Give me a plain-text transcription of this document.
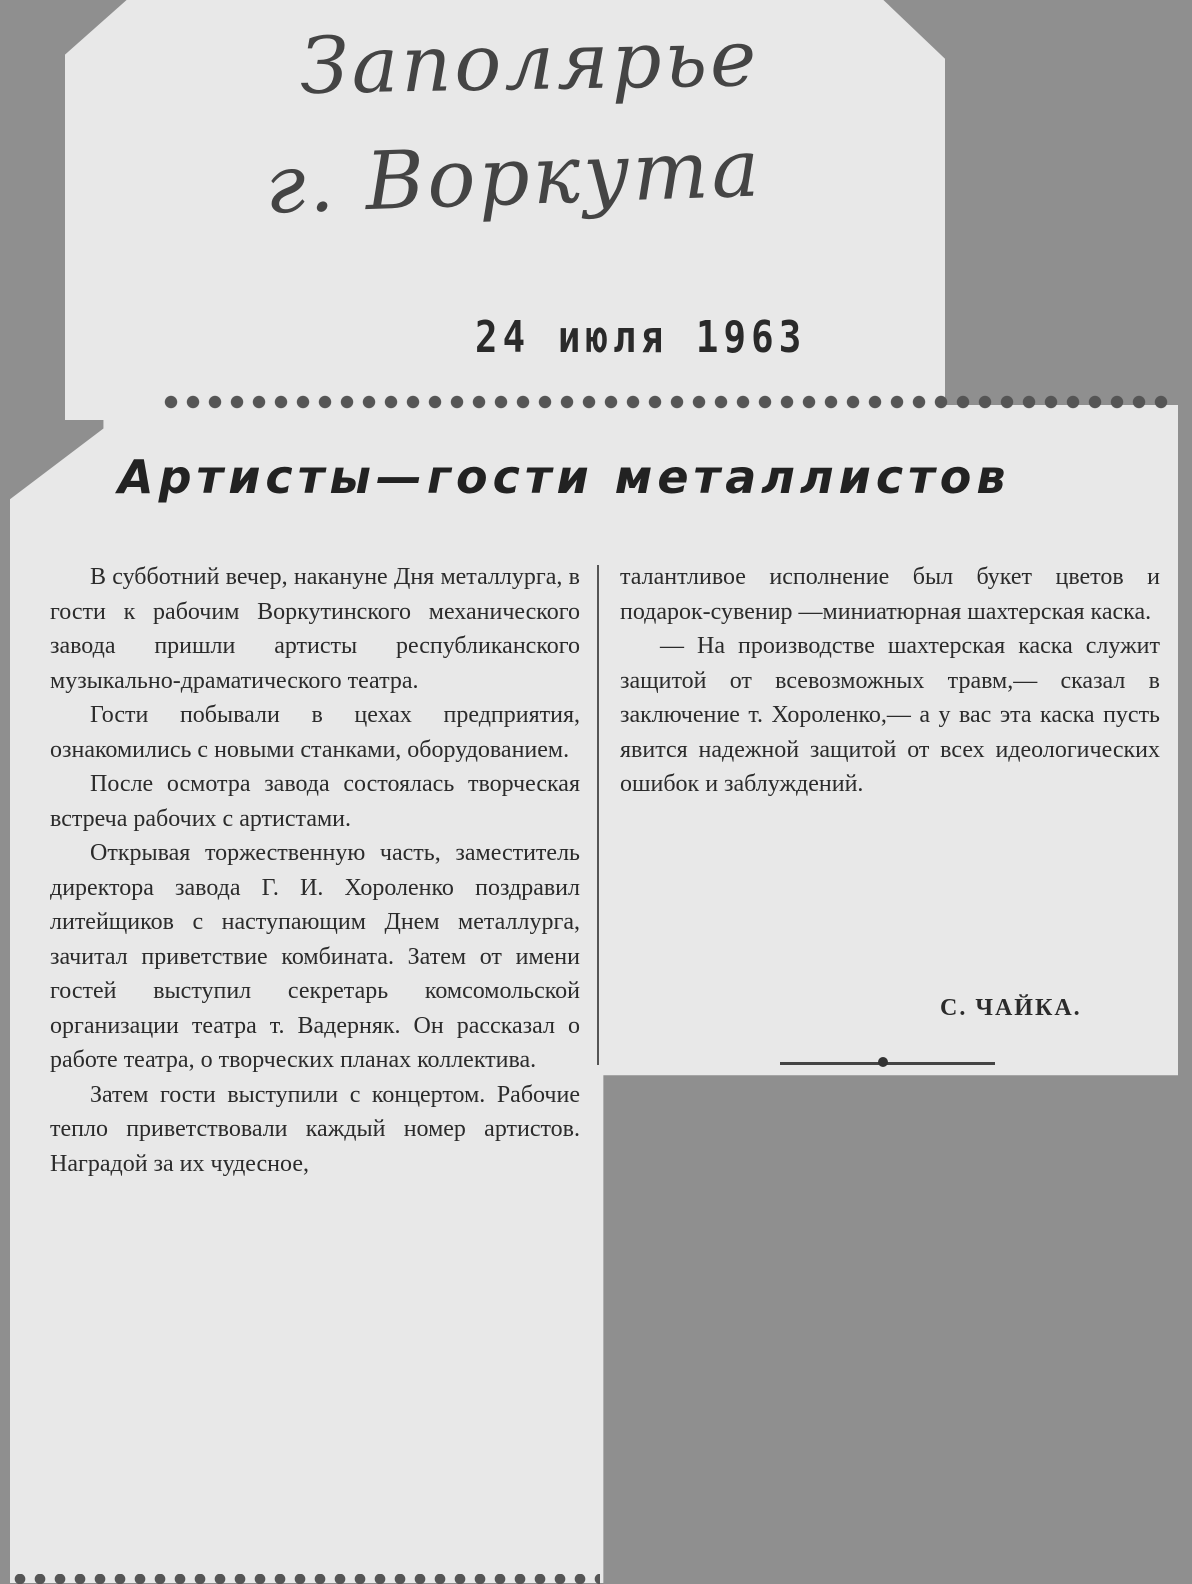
Заполярье
г. Воркута
24 июля 1963
Артисты—гости металлистов

В субботний вечер, накануне Дня металлурга, в гости к рабочим Воркутинского механического завода пришли артисты республиканского музыкально-драматического театра.

Гости побывали в цехах предприятия, ознакомились с новыми станками, оборудованием.

После осмотра завода состоялась творческая встреча рабочих с артистами.

Открывая торжественную часть, заместитель директора завода Г. И. Хороленко поздравил литейщиков с наступающим Днем металлурга, зачитал приветствие комбината. Затем от имени гостей выступил секретарь комсомольской организации театра т. Вадерняк. Он рассказал о работе театра, о творческих планах коллектива.

Затем гости выступили с концертом. Рабочие тепло приветствовали каждый номер артистов. Наградой за их чудесное,

талантливое исполнение был букет цветов и подарок-сувенир —миниатюрная шахтерская каска.

— На производстве шахтерская каска служит защитой от всевозможных травм,— сказал в заключение т. Хороленко,— а у вас эта каска пусть явится надежной защитой от всех идеологических ошибок и заблуждений.

С. ЧАЙКА.
